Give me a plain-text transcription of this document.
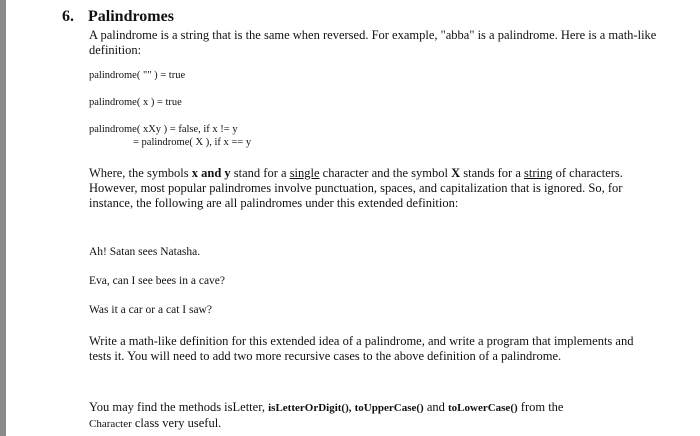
6. Palindromes
A palindrome is a string that is the same when reversed. For example, "abba" is a palindrome. Here is a math-like definition:
palindrome( "" ) = true
palindrome( x ) = true
palindrome( xXy ) = false, if x != y
= palindrome( X ), if x == y
Where, the symbols x and y stand for a single character and the symbol X stands for a string of characters. However, most popular palindromes involve punctuation, spaces, and capitalization that is ignored. So, for instance, the following are all palindromes under this extended definition:
Ah! Satan sees Natasha.
Eva, can I see bees in a cave?
Was it a car or a cat I saw?
Write a math-like definition for this extended idea of a palindrome, and write a program that implements and tests it. You will need to add two more recursive cases to the above definition of a palindrome.
You may find the methods isLetter, isLetterOrDigit(), toUpperCase() and toLowerCase() from the
Character class very useful.
